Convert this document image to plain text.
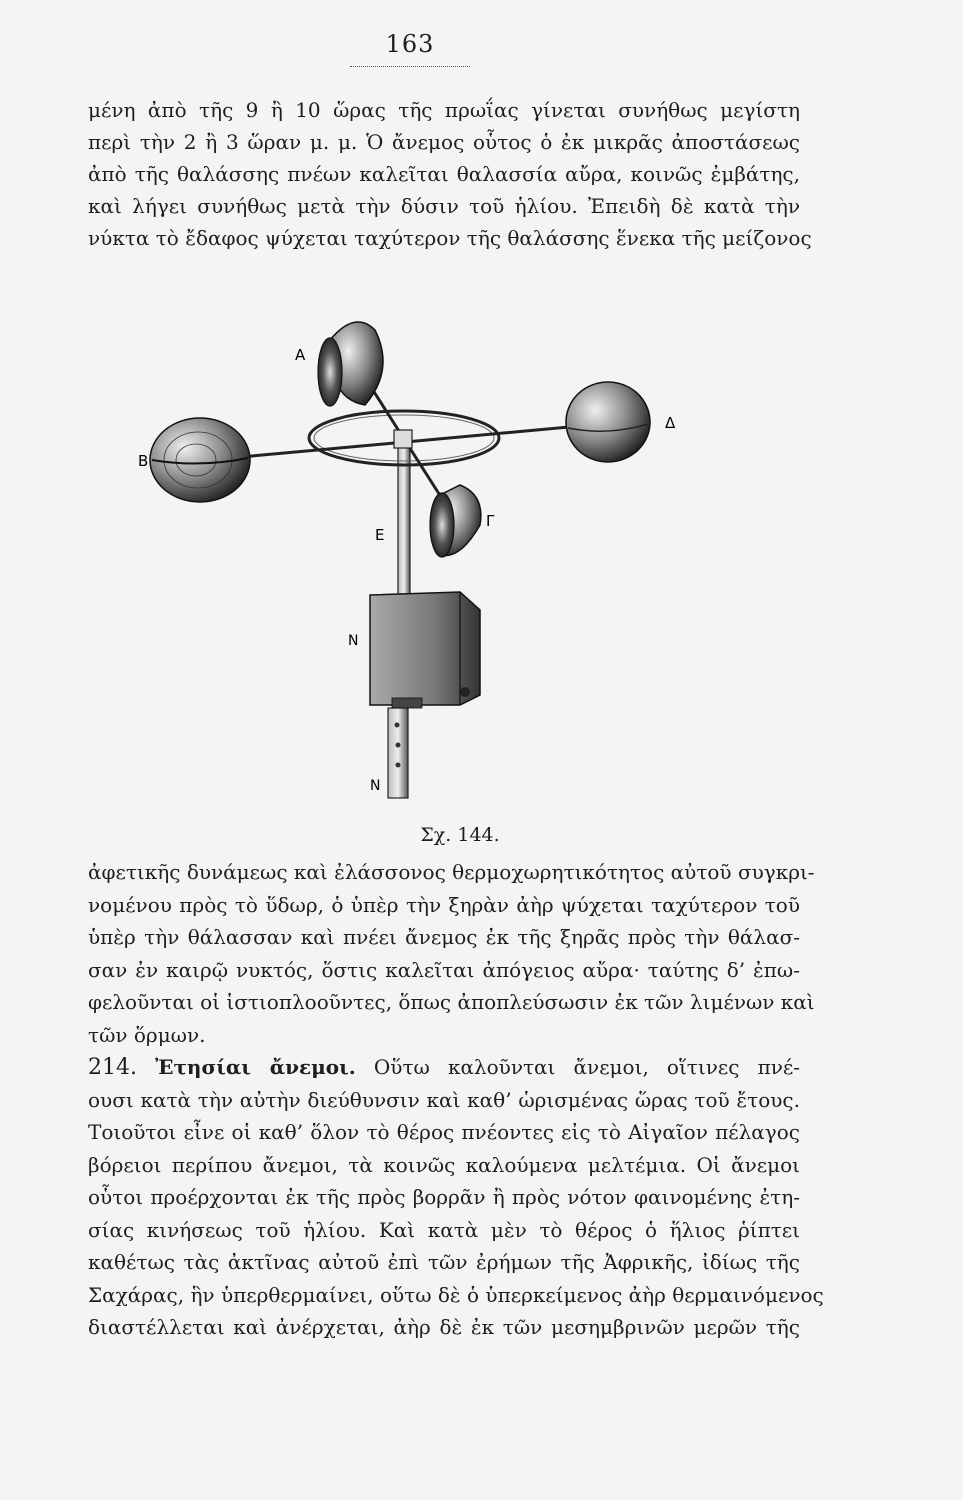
163
μένη ἀπὸ τῆς 9 ἢ 10 ὥρας τῆς πρωΐας γίνεται συνήθως μεγίστη
περὶ τὴν 2 ἢ 3 ὥραν μ. μ. Ὁ ἄνεμος οὗτος ὁ ἐκ μικρᾶς ἀποστάσεως
ἀπὸ τῆς θαλάσσης πνέων καλεῖται θαλασσία αὔρα, κοινῶς ἐμβάτης,
καὶ λήγει συνήθως μετὰ τὴν δύσιν τοῦ ἡλίου. Ἐπειδὴ δὲ κατὰ τὴν
νύκτα τὸ ἔδαφος ψύχεται ταχύτερον τῆς θαλάσσης ἕνεκα τῆς μείζονος
Α
Β
Δ
Ε
Γ
Ν
Ν
Σχ. 144.
ἀφετικῆς δυνάμεως καὶ ἐλάσσονος θερμοχωρητικότητος αὐτοῦ συγκρι-
νομένου πρὸς τὸ ὕδωρ, ὁ ὑπὲρ τὴν ξηρὰν ἀὴρ ψύχεται ταχύτερον τοῦ
ὑπὲρ τὴν θάλασσαν καὶ πνέει ἄνεμος ἐκ τῆς ξηρᾶς πρὸς τὴν θάλασ-
σαν ἐν καιρῷ νυκτός, ὅστις καλεῖται ἀπόγειος αὔρα· ταύτης δ’ ἐπω-
φελοῦνται οἱ ἱστιοπλοοῦντες, ὅπως ἀποπλεύσωσιν ἐκ τῶν λιμένων καὶ
τῶν ὅρμων.
214. Ἐτησίαι ἄνεμοι. Οὕτω καλοῦνται ἄνεμοι, οἵτινες πνέ-
ουσι κατὰ τὴν αὐτὴν διεύθυνσιν καὶ καθ’ ὡρισμένας ὥρας τοῦ ἔτους.
Τοιοῦτοι εἶνε οἱ καθ’ ὅλον τὸ θέρος πνέοντες εἰς τὸ Αἰγαῖον πέλαγος
βόρειοι περίπου ἄνεμοι, τὰ κοινῶς καλούμενα μελτέμια. Οἱ ἄνεμοι
οὗτοι προέρχονται ἐκ τῆς πρὸς βορρᾶν ἢ πρὸς νότον φαινομένης ἐτη-
σίας κινήσεως τοῦ ἡλίου. Καὶ κατὰ μὲν τὸ θέρος ὁ ἥλιος ῥίπτει
καθέτως τὰς ἀκτῖνας αὐτοῦ ἐπὶ τῶν ἐρήμων τῆς Ἀφρικῆς, ἰδίως τῆς
Σαχάρας, ἣν ὑπερθερμαίνει, οὕτω δὲ ὁ ὑπερκείμενος ἀὴρ θερμαινόμενος
διαστέλλεται καὶ ἀνέρχεται, ἀὴρ δὲ ἐκ τῶν μεσημβρινῶν μερῶν τῆς
